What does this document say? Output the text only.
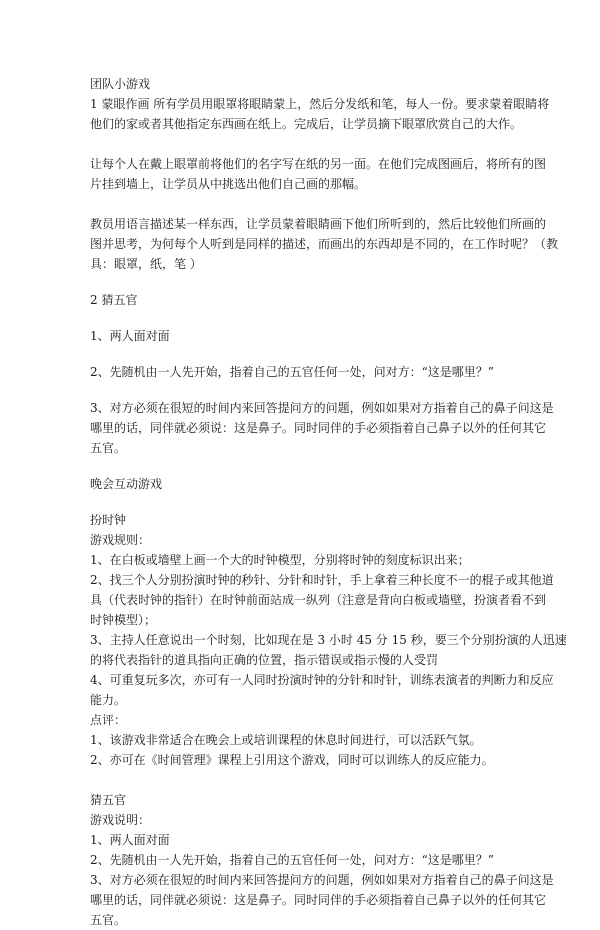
团队小游戏
1 蒙眼作画 所有学员用眼罩将眼睛蒙上，然后分发纸和笔，每人一份。要求蒙着眼睛将
他们的家或者其他指定东西画在纸上。完成后，让学员摘下眼罩欣赏自己的大作。
让每个人在戴上眼罩前将他们的名字写在纸的另一面。在他们完成图画后，将所有的图
片挂到墙上，让学员从中挑选出他们自己画的那幅。
教员用语言描述某一样东西，让学员蒙着眼睛画下他们所听到的，然后比较他们所画的
图并思考，为何每个人听到是同样的描述，而画出的东西却是不同的，在工作时呢？（教
具：眼罩，纸，笔 ）
2 猜五官
1、两人面对面
2、先随机由一人先开始，指着自己的五官任何一处，问对方：“这是哪里？”
3、对方必须在很短的时间内来回答提问方的问题，例如如果对方指着自己的鼻子问这是
哪里的话，同伴就必须说：这是鼻子。同时同伴的手必须指着自己鼻子以外的任何其它
五官。
晚会互动游戏
扮时钟
游戏规则：
1、在白板或墙壁上画一个大的时钟模型，分别将时钟的刻度标识出来；
2、找三个人分别扮演时钟的秒针、分针和时针，手上拿着三种长度不一的棍子或其他道
具（代表时钟的指针）在时钟前面站成一纵列（注意是背向白板或墙壁，扮演者看不到
时钟模型）；
3、主持人任意说出一个时刻，比如现在是 3 小时 45 分 15 秒，要三个分别扮演的人迅速
的将代表指针的道具指向正确的位置，指示错误或指示慢的人受罚
4、可重复玩多次，亦可有一人同时扮演时钟的分针和时针，训练表演者的判断力和反应
能力。
点评：
1、该游戏非常适合在晚会上或培训课程的休息时间进行，可以活跃气氛。
2、亦可在《时间管理》课程上引用这个游戏，同时可以训练人的反应能力。
猜五官
游戏说明：
1、两人面对面
2、先随机由一人先开始，指着自己的五官任何一处，问对方：“这是哪里？”
3、对方必须在很短的时间内来回答提问方的问题，例如如果对方指着自己的鼻子问这是
哪里的话，同伴就必须说：这是鼻子。同时同伴的手必须指着自己鼻子以外的任何其它
五官。
